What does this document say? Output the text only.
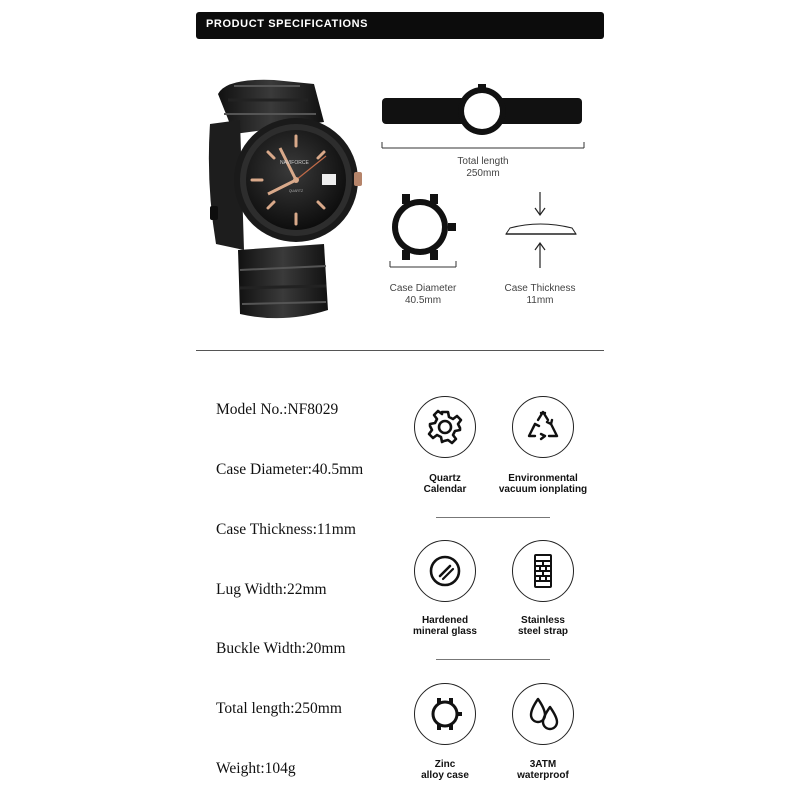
PRODUCT SPECIFICATIONS
NAVIFORCE
QUARTZ
Total length
250mm
Case Diameter
40.5mm
Case Thickness
11mm
Model No.:NF8029
Case Diameter:40.5mm
Case Thickness:11mm
Lug Width:22mm
Buckle Width:20mm
Total length:250mm
Weight:104g
Quartz
Calendar
Environmental
vacuum ionplating
Hardened
mineral glass
Stainless
steel strap
Zinc
alloy case
3ATM
waterproof
